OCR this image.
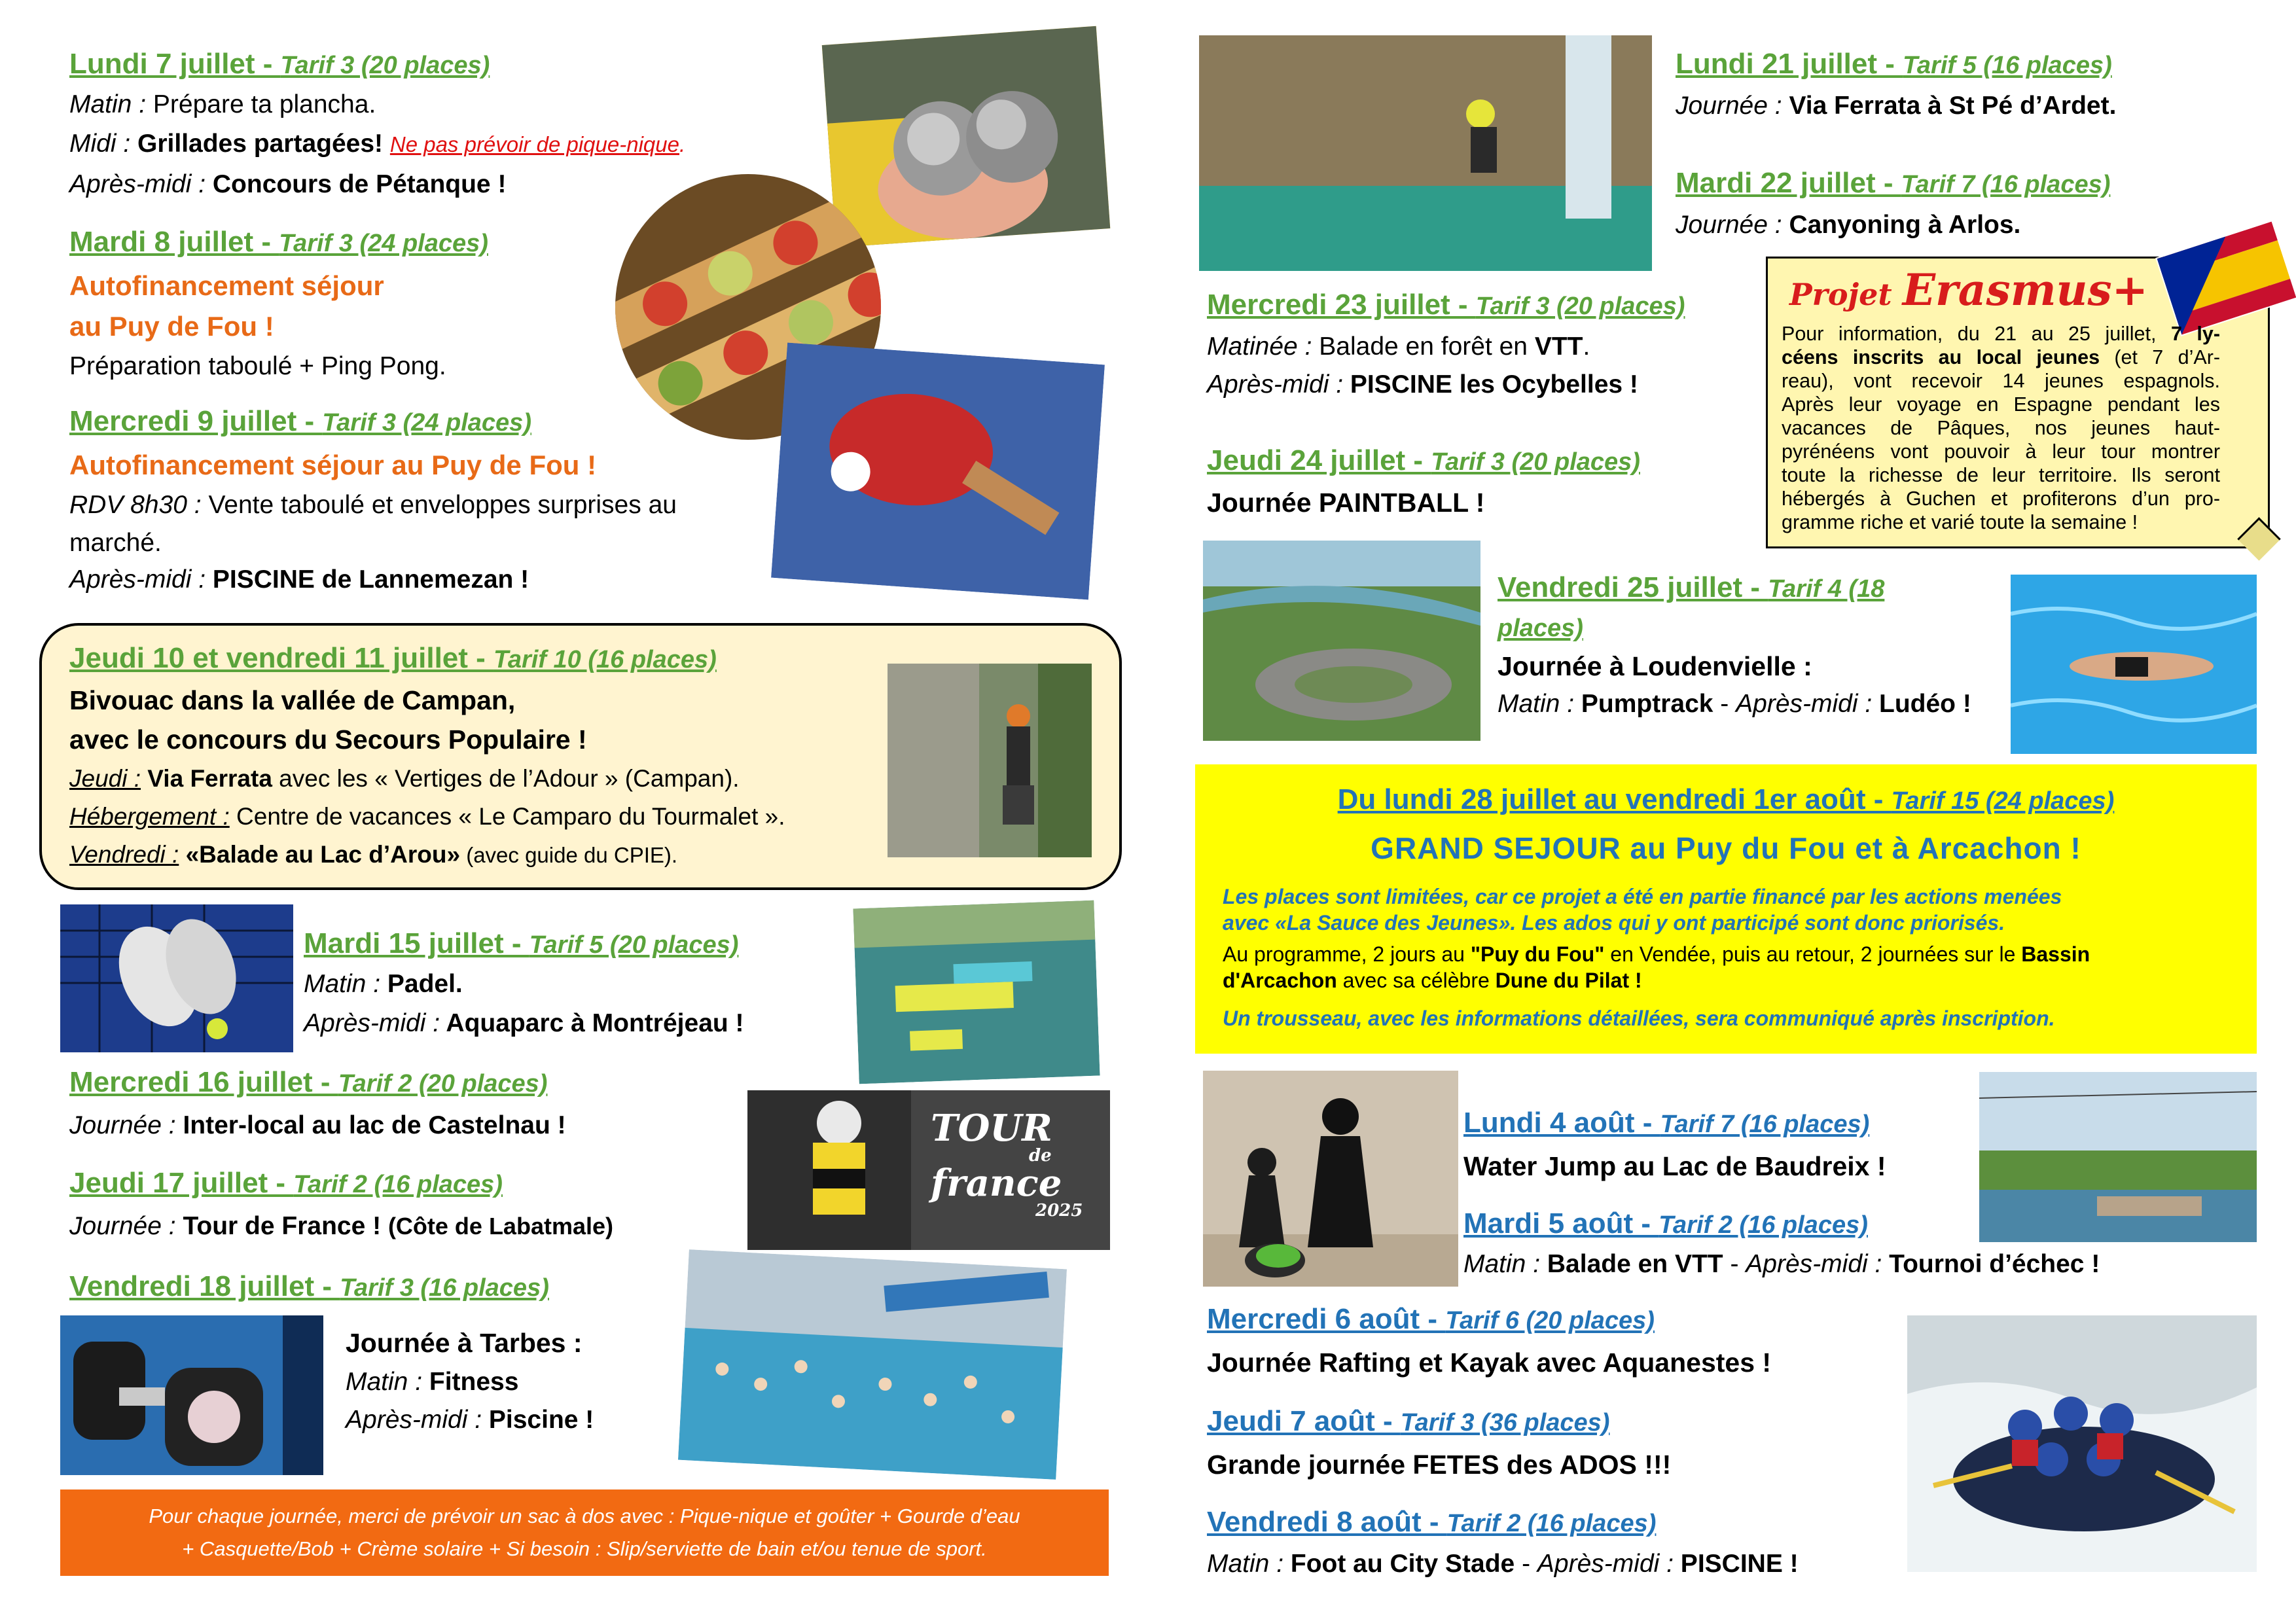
Lundi 7 juillet - Tarif 3 (20 places)
Matin : Prépare ta plancha.
Midi : Grillades partagées! Ne pas prévoir de pique-nique.
Après-midi : Concours de Pétanque !
Mardi 8 juillet - Tarif 3 (24 places)
Autofinancement séjour
au Puy de Fou !
Préparation taboulé + Ping Pong.
Mercredi 9 juillet - Tarif 3 (24 places)
Autofinancement séjour au Puy de Fou !
RDV 8h30 : Vente taboulé et enveloppes surprises au
marché.
Après-midi : PISCINE de Lannemezan !
Jeudi 10 et vendredi 11 juillet - Tarif 10 (16 places)
Bivouac dans la vallée de Campan,
avec le concours du Secours Populaire !
Jeudi : Via Ferrata avec les « Vertiges de l’Adour » (Campan).
Hébergement : Centre de vacances « Le Camparo du Tourmalet ».
Vendredi : «Balade au Lac d’Arou» (avec guide du CPIE).
Mardi 15 juillet - Tarif 5 (20 places)
Matin : Padel.
Après-midi : Aquaparc à Montréjeau !
Mercredi 16 juillet - Tarif 2 (20 places)
Journée : Inter-local au lac de Castelnau !
Jeudi 17 juillet - Tarif 2 (16 places)
Journée : Tour de France ! (Côte de Labatmale)
Vendredi 18 juillet - Tarif 3 (16 places)
Journée à Tarbes :
Matin : Fitness
Après-midi : Piscine !
Pour chaque journée, merci de prévoir un sac à dos avec : Pique-nique et goûter + Gourde d’eau
+ Casquette/Bob + Crème solaire + Si besoin : Slip/serviette de bain et/ou tenue de sport.
TOUR
de
france
2025
Lundi 21 juillet - Tarif 5 (16 places)
Journée : Via Ferrata à St Pé d’Ardet.
Mardi 22 juillet - Tarif 7 (16 places)
Journée : Canyoning à Arlos.
Mercredi 23 juillet - Tarif 3 (20 places)
Matinée : Balade en forêt en VTT.
Après-midi : PISCINE les Ocybelles !
Jeudi 24 juillet - Tarif 3 (20 places)
Journée PAINTBALL !
Projet Erasmus+
Pour information, du 21 au 25 juillet, 7 ly-
céens inscrits au local jeunes (et 7 d’Ar-
reau), vont recevoir 14 jeunes espagnols.
Après leur voyage en Espagne pendant les
vacances de Pâques, nos jeunes haut-
pyrénéens vont pouvoir à leur tour montrer
toute la richesse de leur territoire. Ils seront
hébergés à Guchen et profiterons d’un pro-
gramme riche et varié toute la semaine !
Vendredi 25 juillet - Tarif 4 (18
places)
Journée à Loudenvielle :
Matin : Pumptrack - Après-midi : Ludéo !
Du lundi 28 juillet au vendredi 1er août - Tarif 15 (24 places)
GRAND SEJOUR au Puy du Fou et à Arcachon !
Les places sont limitées, car ce projet a été en partie financé par les actions menées
avec «La Sauce des Jeunes». Les ados qui y ont participé sont donc priorisés.
Au programme, 2 jours au "Puy du Fou" en Vendée, puis au retour, 2 journées sur le Bassin
d'Arcachon avec sa célèbre Dune du Pilat !
Un trousseau, avec les informations détaillées, sera communiqué après inscription.
Lundi 4 août - Tarif 7 (16 places)
Water Jump au Lac de Baudreix !
Mardi 5 août - Tarif 2 (16 places)
Matin : Balade en VTT - Après-midi : Tournoi d’échec !
Mercredi 6 août - Tarif 6 (20 places)
Journée Rafting et Kayak avec Aquanestes !
Jeudi 7 août - Tarif 3 (36 places)
Grande journée FETES des ADOS !!!
Vendredi 8 août - Tarif 2 (16 places)
Matin : Foot au City Stade - Après-midi : PISCINE !
